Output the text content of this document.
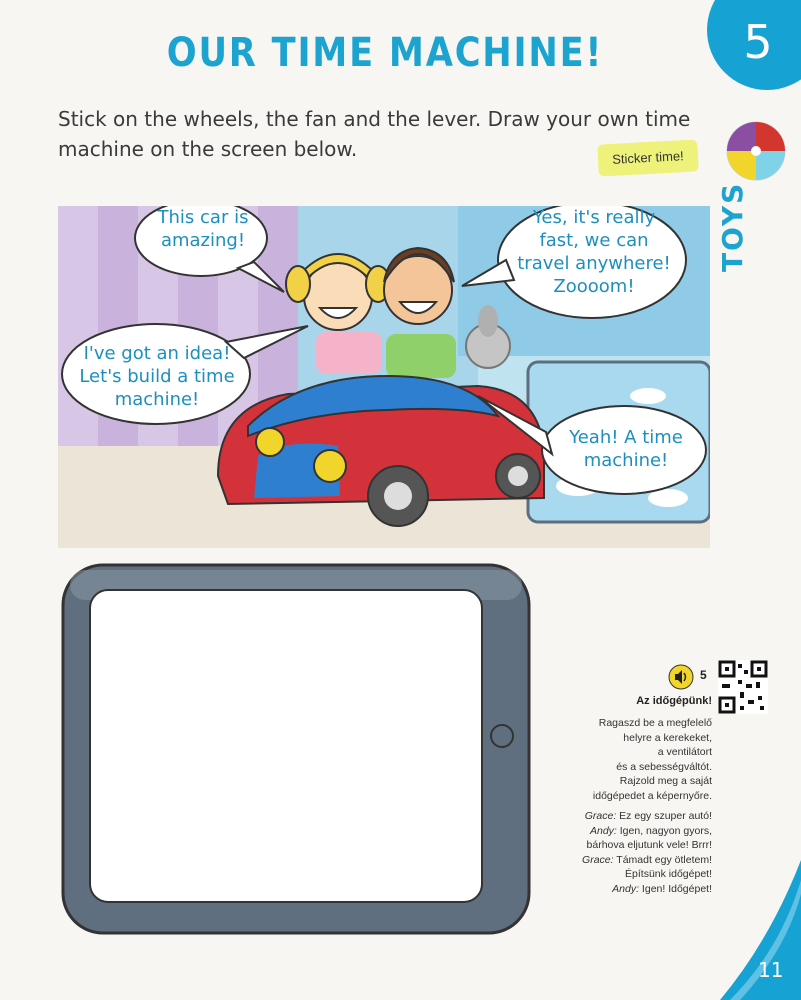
5
TOYS
OUR TIME MACHINE!
Stick on the wheels, the fan and the lever. Draw your own time machine on the screen below.	Sticker time!
This car is
amazing!
Yes, it's really
fast, we can
travel anywhere!
Zoooom!
I've got an idea!
Let's build a time
machine!
Yeah! A time
machine!
5
Az időgépünk!

Ragaszd be a megfelelő
helyre a kerekeket,
a ventilátort
és a sebességváltót.
Rajzold meg a saját
időgépedet a képernyőre.

Grace: Ez egy szuper autó!
Andy: Igen, nagyon gyors,
bárhova eljutunk vele! Brrr!
Grace: Támadt egy ötletem!
Építsünk időgépet!
Andy: Igen! Időgépet!

11
